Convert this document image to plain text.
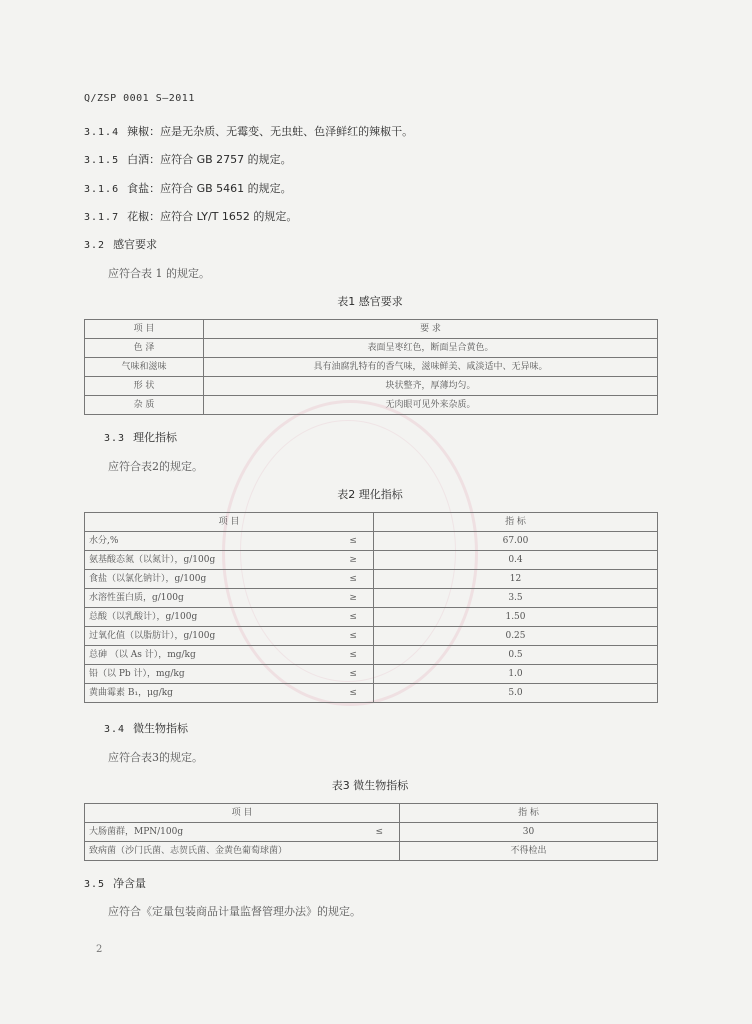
Q/ZSP 0001 S—2011
3.1.4 辣椒：应是无杂质、无霉变、无虫蛀、色泽鲜红的辣椒干。
3.1.5 白酒：应符合 GB 2757 的规定。
3.1.6 食盐：应符合 GB 5461 的规定。
3.1.7 花椒：应符合 LY/T 1652 的规定。
3.2 感官要求
应符合表 1 的规定。
表1 感官要求
项 目	要 求
色 泽	表面呈枣红色，断面呈合黄色。
气味和滋味	具有油腐乳特有的香气味，滋味鲜美、咸淡适中、无异味。
形 状	块状整齐，厚薄均匀。
杂 质	无肉眼可见外来杂质。
3.3 理化指标
应符合表2的规定。
表2 理化指标
项 目		指 标
水分,%	≤	67.00
氨基酸态氮（以氮计），g/100g	≥	0.4
食盐（以氯化钠计），g/100g	≤	12
水溶性蛋白质，g/100g	≥	3.5
总酸（以乳酸计），g/100g	≤	1.50
过氧化值（以脂肪计），g/100g	≤	0.25
总砷 （以 As 计），mg/kg	≤	0.5
铅（以 Pb 计），mg/kg	≤	1.0
黄曲霉素 B₁，μg/kg	≤	5.0
3.4 微生物指标
应符合表3的规定。
表3 微生物指标
项 目		指 标
大肠菌群，MPN/100g	≤	30
致病菌（沙门氏菌、志贺氏菌、金黄色葡萄球菌）		不得检出
3.5 净含量
应符合《定量包装商品计量监督管理办法》的规定。
2
